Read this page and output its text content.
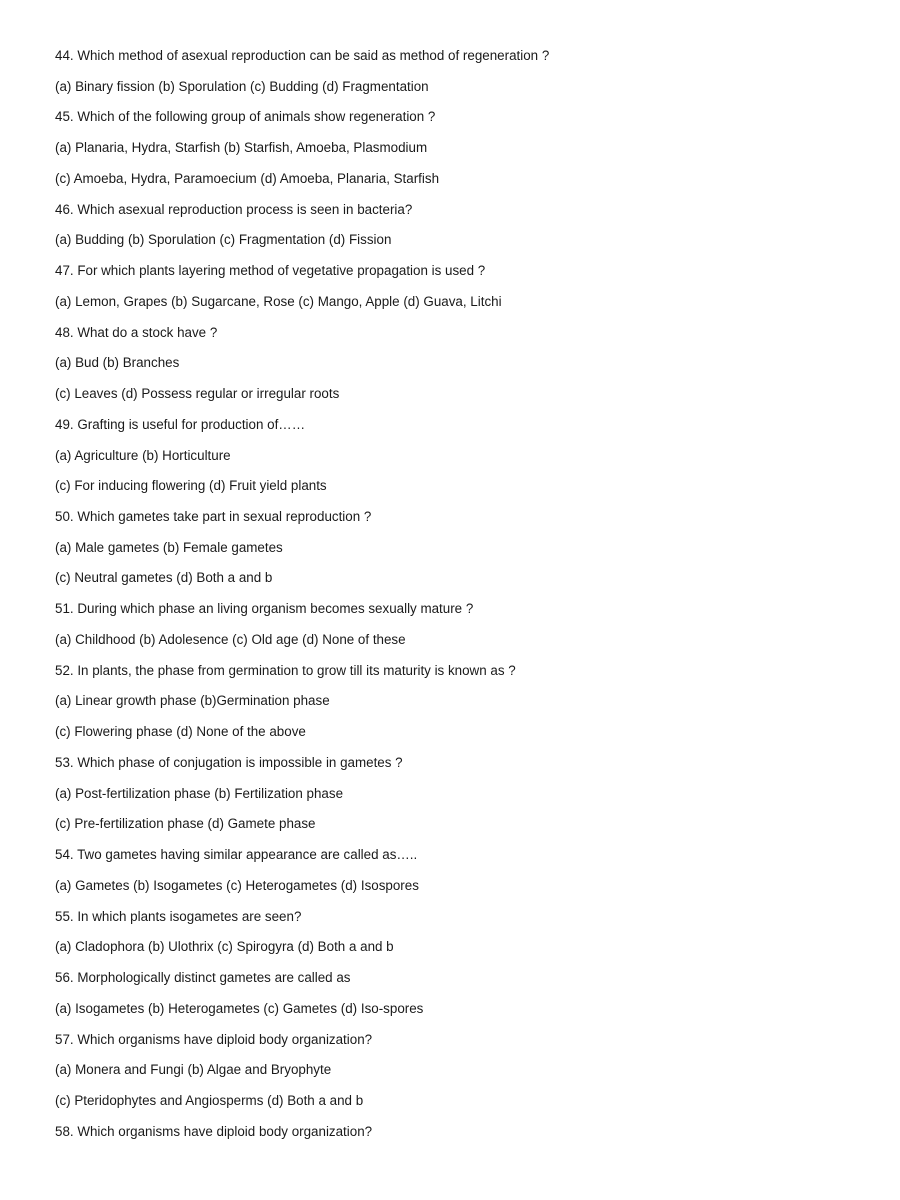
44. Which method of asexual reproduction can be said as method of regeneration ?
(a) Binary fission (b) Sporulation (c) Budding (d) Fragmentation
45. Which of the following group of animals show regeneration ?
(a) Planaria, Hydra, Starfish (b) Starfish, Amoeba, Plasmodium
(c) Amoeba, Hydra, Paramoecium (d) Amoeba, Planaria, Starfish
46. Which asexual reproduction process is seen in bacteria?
(a) Budding (b) Sporulation (c) Fragmentation (d) Fission
47. For which plants layering method of vegetative propagation is used ?
(a) Lemon, Grapes (b) Sugarcane, Rose (c) Mango, Apple (d) Guava, Litchi
48. What do a stock have ?
(a) Bud (b) Branches
(c) Leaves (d) Possess regular or irregular roots
49. Grafting is useful for production of……
(a) Agriculture (b) Horticulture
(c) For inducing flowering (d) Fruit yield plants
50. Which gametes take part in sexual reproduction ?
(a) Male gametes (b) Female gametes
(c) Neutral gametes (d) Both a and b
51. During which phase an living organism becomes sexually mature ?
(a) Childhood (b) Adolesence (c) Old age (d) None of these
52. In plants, the phase from germination to grow till its maturity is known as ?
(a) Linear growth phase (b)Germination phase
(c) Flowering phase (d) None of the above
53. Which phase of conjugation is impossible in gametes ?
(a) Post-fertilization phase (b) Fertilization phase
(c) Pre-fertilization phase (d) Gamete phase
54. Two gametes having similar appearance are called as…..
(a) Gametes (b) Isogametes (c) Heterogametes (d) Isospores
55. In which plants isogametes are seen?
(a) Cladophora (b) Ulothrix (c) Spirogyra (d) Both a and b
56. Morphologically distinct gametes are called as
(a) Isogametes (b) Heterogametes (c) Gametes (d) Iso-spores
57. Which organisms have diploid body organization?
(a) Monera and Fungi (b) Algae and Bryophyte
(c) Pteridophytes and Angiosperms (d) Both a and b
58. Which organisms have diploid body organization?
